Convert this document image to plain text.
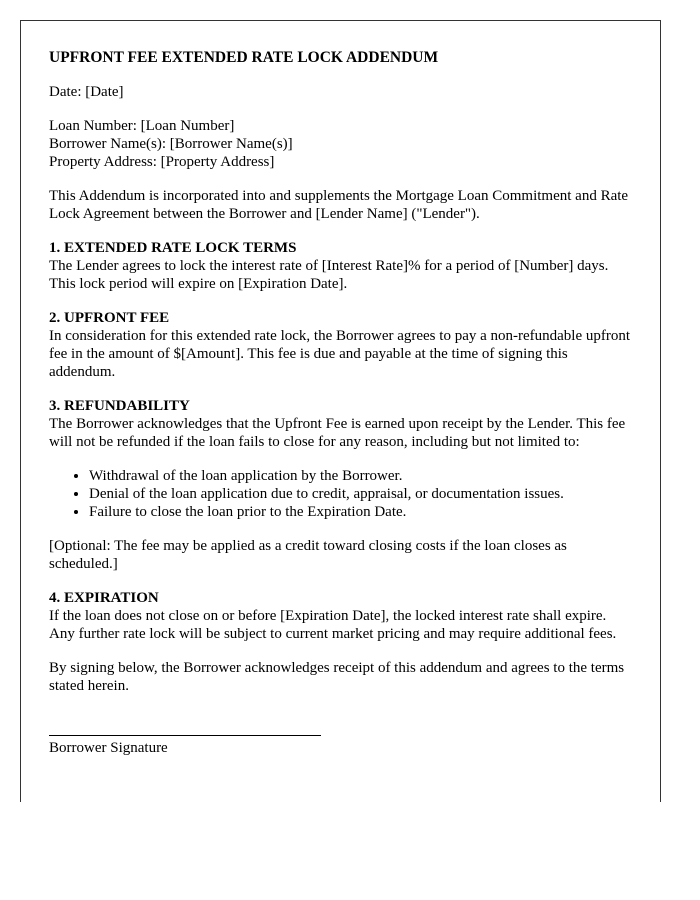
UPFRONT FEE EXTENDED RATE LOCK ADDENDUM

Date: [Date]

Loan Number: [Loan Number]
Borrower Name(s): [Borrower Name(s)]
Property Address: [Property Address]

This Addendum is incorporated into and supplements the Mortgage Loan Commitment and Rate Lock Agreement between the Borrower and [Lender Name] ("Lender").

1. EXTENDED RATE LOCK TERMS

The Lender agrees to lock the interest rate of [Interest Rate]% for a period of [Number] days. This lock period will expire on [Expiration Date].

2. UPFRONT FEE

In consideration for this extended rate lock, the Borrower agrees to pay a non-refundable upfront fee in the amount of $[Amount]. This fee is due and payable at the time of signing this addendum.

3. REFUNDABILITY

The Borrower acknowledges that the Upfront Fee is earned upon receipt by the Lender. This fee will not be refunded if the loan fails to close for any reason, including but not limited to:

• Withdrawal of the loan application by the Borrower.
• Denial of the loan application due to credit, appraisal, or documentation issues.
• Failure to close the loan prior to the Expiration Date.

[Optional: The fee may be applied as a credit toward closing costs if the loan closes as scheduled.]

4. EXPIRATION

If the loan does not close on or before [Expiration Date], the locked interest rate shall expire. Any further rate lock will be subject to current market pricing and may require additional fees.

By signing below, the Borrower acknowledges receipt of this addendum and agrees to the terms stated herein.

Borrower Signature
